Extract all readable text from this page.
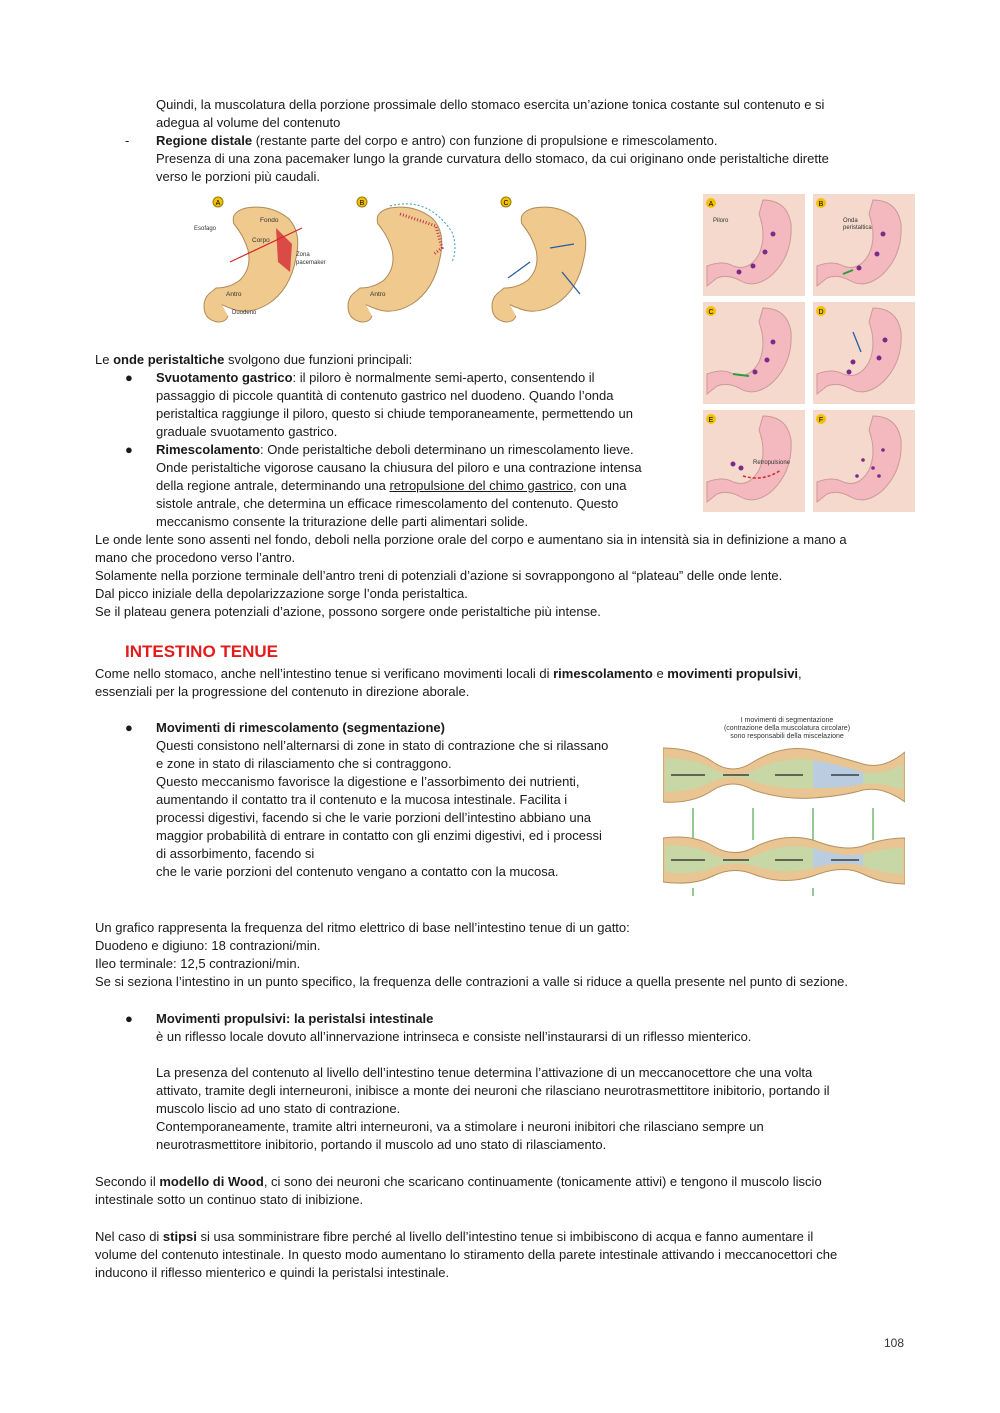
Quindi, la muscolatura della porzione prossimale dello stomaco esercita un’azione tonica costante sul contenuto e si

adegua al volume del contenuto

- Regione distale (restante parte del corpo e antro) con funzione di propulsione e rimescolamento.

Presenza di una zona pacemaker lungo la grande curvatura dello stomaco, da cui originano onde peristaltiche dirette

verso le porzioni più caudali.

A
Fondo
Esofago
Corpo
Zona
pacemaker
Antro
Duodeno
B
Antro
C	A
Piloro
B
Onda
peristaltica
C	D
E
Retropulsione
F

Le onde peristaltiche svolgono due funzioni principali:

● Svuotamento gastrico: il piloro è normalmente semi-aperto, consentendo il

passaggio di piccole quantità di contenuto gastrico nel duodeno. Quando l’onda

peristaltica raggiunge il piloro, questo si chiude temporaneamente, permettendo un

graduale svuotamento gastrico.

● Rimescolamento: Onde peristaltiche deboli determinano un rimescolamento lieve.

Onde peristaltiche vigorose causano la chiusura del piloro e una contrazione intensa

della regione antrale, determinando una retropulsione del chimo gastrico, con una

sistole antrale, che determina un efficace rimescolamento del contenuto. Questo

meccanismo consente la triturazione delle parti alimentari solide.

Le onde lente sono assenti nel fondo, deboli nella porzione orale del corpo e aumentano sia in intensità sia in definizione a mano a

mano che procedono verso l’antro.

Solamente nella porzione terminale dell’antro treni di potenziali d’azione si sovrappongono al “plateau” delle onde lente.

Dal picco iniziale della depolarizzazione sorge l’onda peristaltica.

Se il plateau genera potenziali d’azione, possono sorgere onde peristaltiche più intense.

INTESTINO TENUE

Come nello stomaco, anche nell’intestino tenue si verificano movimenti locali di rimescolamento e movimenti propulsivi,

essenziali per la progressione del contenuto in direzione aborale.

● Movimenti di rimescolamento (segmentazione)

Questi consistono nell’alternarsi di zone in stato di contrazione che si rilassano

e zone in stato di rilasciamento che si contraggono.

Questo meccanismo favorisce la digestione e l’assorbimento dei nutrienti,

aumentando il contatto tra il contenuto e la mucosa intestinale. Facilita i

processi digestivi, facendo si che le varie porzioni dell’intestino abbiano una

maggior probabilità di entrare in contatto con gli enzimi digestivi, ed i processi

di assorbimento, facendo si

che le varie porzioni del contenuto vengano a contatto con la mucosa.

I movimenti di segmentazione
(contrazione della muscolatura circolare)
sono responsabili della miscelazione

Un grafico rappresenta la frequenza del ritmo elettrico di base nell’intestino tenue di un gatto:

Duodeno e digiuno: 18 contrazioni/min.

Ileo terminale: 12,5 contrazioni/min.

Se si seziona l’intestino in un punto specifico, la frequenza delle contrazioni a valle si riduce a quella presente nel punto di sezione.

● Movimenti propulsivi: la peristalsi intestinale

è un riflesso locale dovuto all’innervazione intrinseca e consiste nell’instaurarsi di un riflesso mienterico.

La presenza del contenuto al livello dell’intestino tenue determina l’attivazione di un meccanocettore che una volta

attivato, tramite degli interneuroni, inibisce a monte dei neuroni che rilasciano neurotrasmettitore inibitorio, portando il

muscolo liscio ad uno stato di contrazione.

Contemporaneamente, tramite altri interneuroni, va a stimolare i neuroni inibitori che rilasciano sempre un

neurotrasmettitore inibitorio, portando il muscolo ad uno stato di rilasciamento.

Secondo il modello di Wood, ci sono dei neuroni che scaricano continuamente (tonicamente attivi) e tengono il muscolo liscio

intestinale sotto un continuo stato di inibizione.

Nel caso di stipsi si usa somministrare fibre perché al livello dell’intestino tenue si imbibiscono di acqua e fanno aumentare il

volume del contenuto intestinale. In questo modo aumentano lo stiramento della parete intestinale attivando i meccanocettori che

inducono il riflesso mienterico e quindi la peristalsi intestinale.

108
